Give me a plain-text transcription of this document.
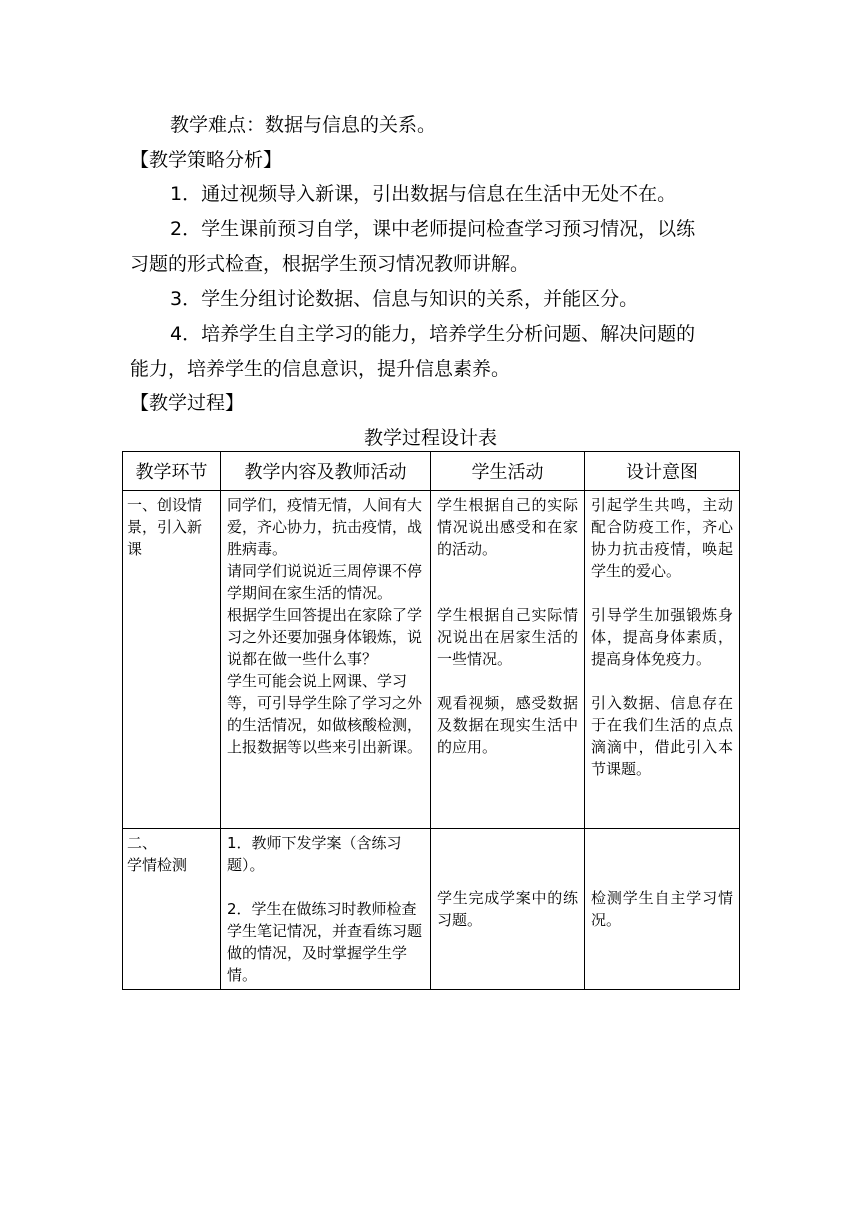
教学难点：数据与信息的关系。
【教学策略分析】
1．通过视频导入新课，引出数据与信息在生活中无处不在。
2．学生课前预习自学，课中老师提问检查学习预习情况，以练
习题的形式检查，根据学生预习情况教师讲解。
3．学生分组讨论数据、信息与知识的关系，并能区分。
4．培养学生自主学习的能力，培养学生分析问题、解决问题的
能力，培养学生的信息意识，提升信息素养。
【教学过程】
教学过程设计表
教学环节	教学内容及教师活动	学生活动	设计意图

一、创设情景，引入新课	同学们，疫情无情，人间有大爱，齐心协力，抗击疫情，战胜病毒。
请同学们说说近三周停课不停学期间在家生活的情况。
根据学生回答提出在家除了学习之外还要加强身体锻炼，说说都在做一些什么事？
学生可能会说上网课、学习等，可引导学生除了学习之外的生活情况，如做核酸检测，上报数据等以些来引出新课。	学生根据自己的实际情况说出感受和在家的活动。
学生根据自己实际情况说出在居家生活的一些情况。
观看视频，感受数据及数据在现实生活中的应用。	引起学生共鸣，主动配合防疫工作，齐心协力抗击疫情，唤起学生的爱心。
引导学生加强锻炼身体，提高身体素质，提高身体免疫力。
引入数据、信息存在于在我们生活的点点滴滴中，借此引入本节课题。

二、
学情检测	1．教师下发学案（含练习题）。
2．学生在做练习时教师检查学生笔记情况，并查看练习题做的情况，及时掌握学生学情。	学生完成学案中的练习题。	检测学生自主学习情况。
